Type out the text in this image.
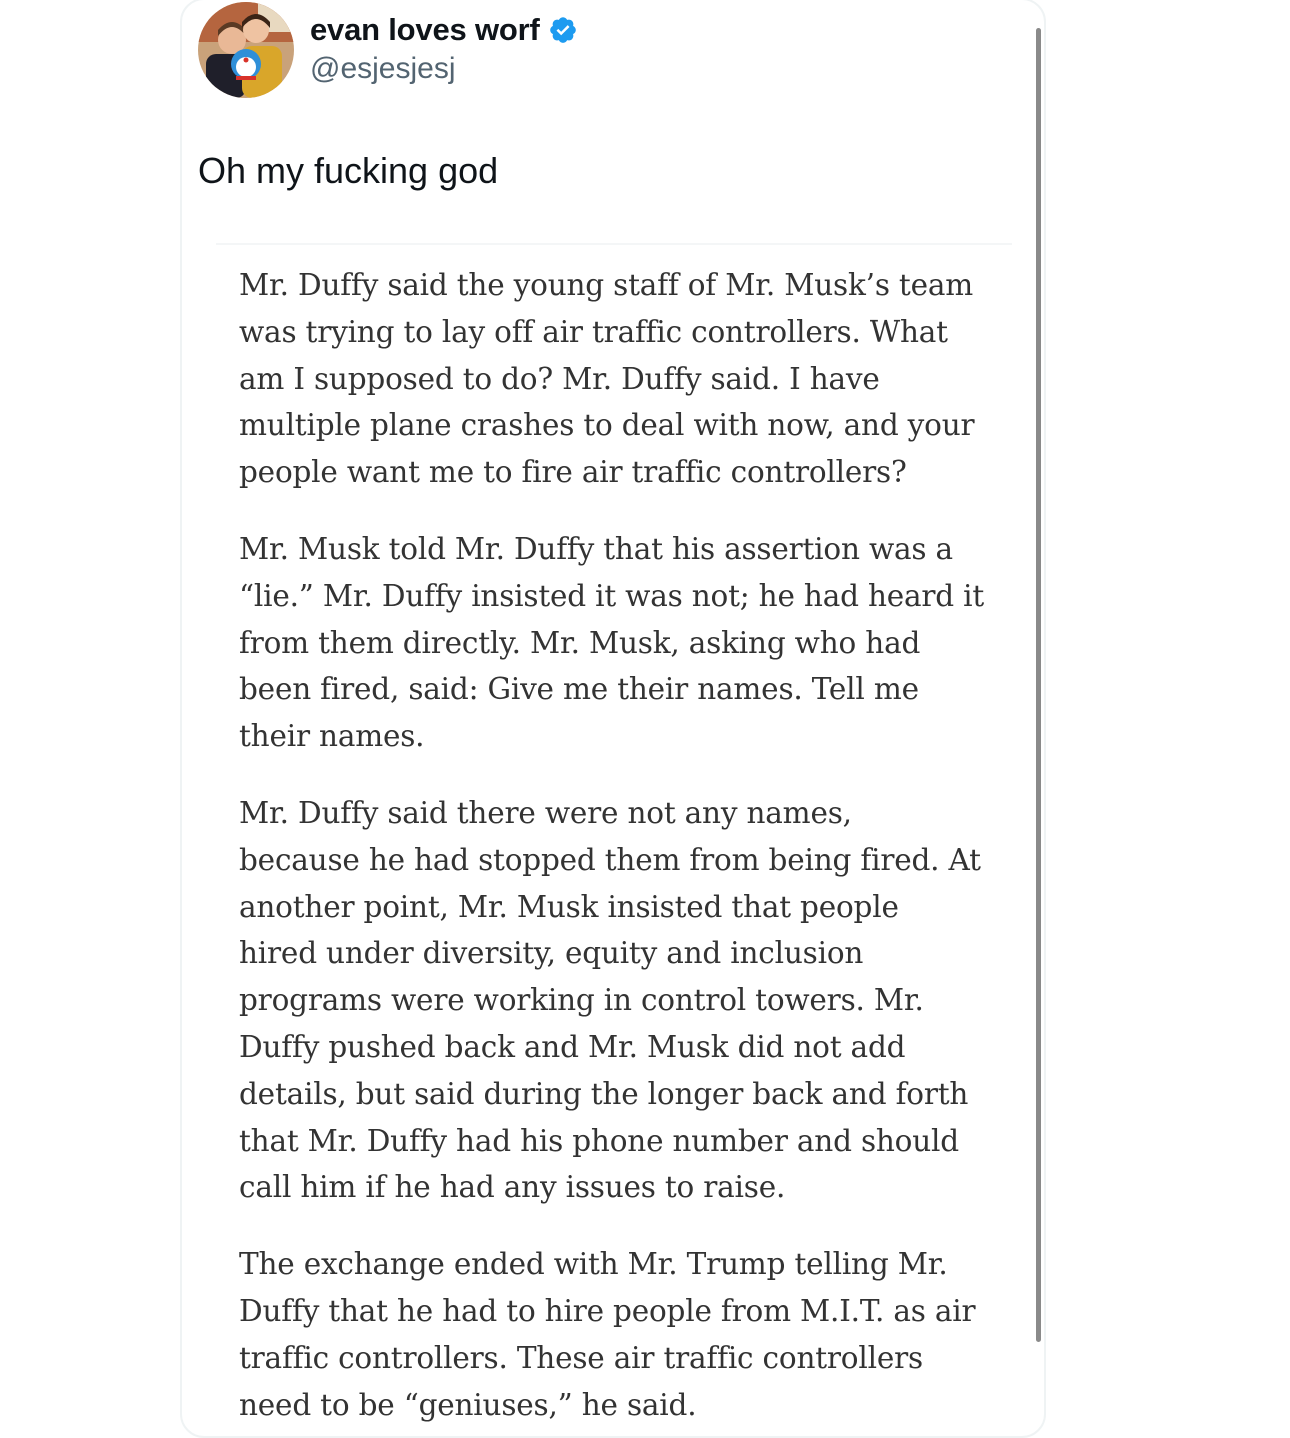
evan loves worf
@esjesjesj
Oh my fucking god

Mr. Duffy said the young staff of Mr. Musk’s team
was trying to lay off air traffic controllers. What
am I supposed to do? Mr. Duffy said. I have
multiple plane crashes to deal with now, and your
people want me to fire air traffic controllers?

Mr. Musk told Mr. Duffy that his assertion was a
“lie.” Mr. Duffy insisted it was not; he had heard it
from them directly. Mr. Musk, asking who had
been fired, said: Give me their names. Tell me
their names.

Mr. Duffy said there were not any names,
because he had stopped them from being fired. At
another point, Mr. Musk insisted that people
hired under diversity, equity and inclusion
programs were working in control towers. Mr.
Duffy pushed back and Mr. Musk did not add
details, but said during the longer back and forth
that Mr. Duffy had his phone number and should
call him if he had any issues to raise.

The exchange ended with Mr. Trump telling Mr.
Duffy that he had to hire people from M.I.T. as air
traffic controllers. These air traffic controllers
need to be “geniuses,” he said.
